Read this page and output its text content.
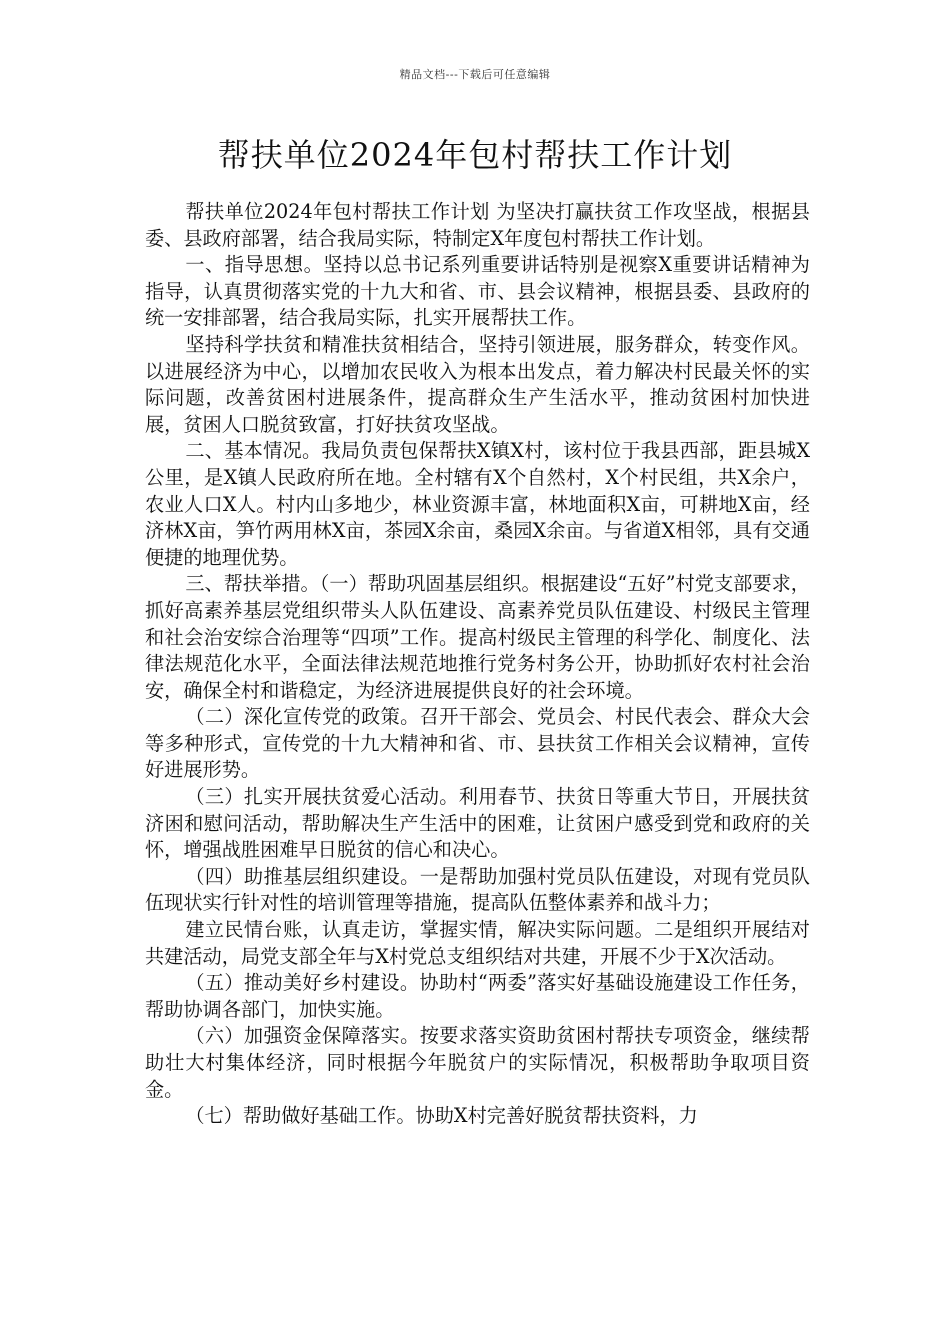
精品文档---下载后可任意编辑
帮扶单位2024年包村帮扶工作计划

帮扶单位2024年包村帮扶工作计划 为坚决打赢扶贫工作攻坚战，根据县委、县政府部署，结合我局实际，特制定X年度包村帮扶工作计划。

一、指导思想。坚持以总书记系列重要讲话特别是视察X重要讲话精神为指导，认真贯彻落实党的十九大和省、市、县会议精神，根据县委、县政府的统一安排部署，结合我局实际，扎实开展帮扶工作。

坚持科学扶贫和精准扶贫相结合，坚持引领进展，服务群众，转变作风。以进展经济为中心，以增加农民收入为根本出发点，着力解决村民最关怀的实际问题，改善贫困村进展条件，提高群众生产生活水平，推动贫困村加快进展，贫困人口脱贫致富，打好扶贫攻坚战。

二、基本情况。我局负责包保帮扶X镇X村，该村位于我县西部，距县城X公里，是X镇人民政府所在地。全村辖有X个自然村，X个村民组，共X余户，农业人口X人。村内山多地少，林业资源丰富，林地面积X亩，可耕地X亩，经济林X亩，笋竹两用林X亩，茶园X余亩，桑园X余亩。与省道X相邻，具有交通便捷的地理优势。

三、帮扶举措。（一）帮助巩固基层组织。根据建设“五好”村党支部要求，抓好高素养基层党组织带头人队伍建设、高素养党员队伍建设、村级民主管理和社会治安综合治理等“四项”工作。提高村级民主管理的科学化、制度化、法律法规范化水平，全面法律法规范地推行党务村务公开，协助抓好农村社会治安，确保全村和谐稳定，为经济进展提供良好的社会环境。

（二）深化宣传党的政策。召开干部会、党员会、村民代表会、群众大会等多种形式，宣传党的十九大精神和省、市、县扶贫工作相关会议精神，宣传好进展形势。

（三）扎实开展扶贫爱心活动。利用春节、扶贫日等重大节日，开展扶贫济困和慰问活动，帮助解决生产生活中的困难，让贫困户感受到党和政府的关怀，增强战胜困难早日脱贫的信心和决心。

（四）助推基层组织建设。一是帮助加强村党员队伍建设，对现有党员队伍现状实行针对性的培训管理等措施，提高队伍整体素养和战斗力；

建立民情台账，认真走访，掌握实情，解决实际问题。二是组织开展结对共建活动，局党支部全年与X村党总支组织结对共建，开展不少于X次活动。

（五）推动美好乡村建设。协助村“两委”落实好基础设施建设工作任务，帮助协调各部门，加快实施。

（六）加强资金保障落实。按要求落实资助贫困村帮扶专项资金，继续帮助壮大村集体经济，同时根据今年脱贫户的实际情况，积极帮助争取项目资金。

（七）帮助做好基础工作。协助X村完善好脱贫帮扶资料，力
